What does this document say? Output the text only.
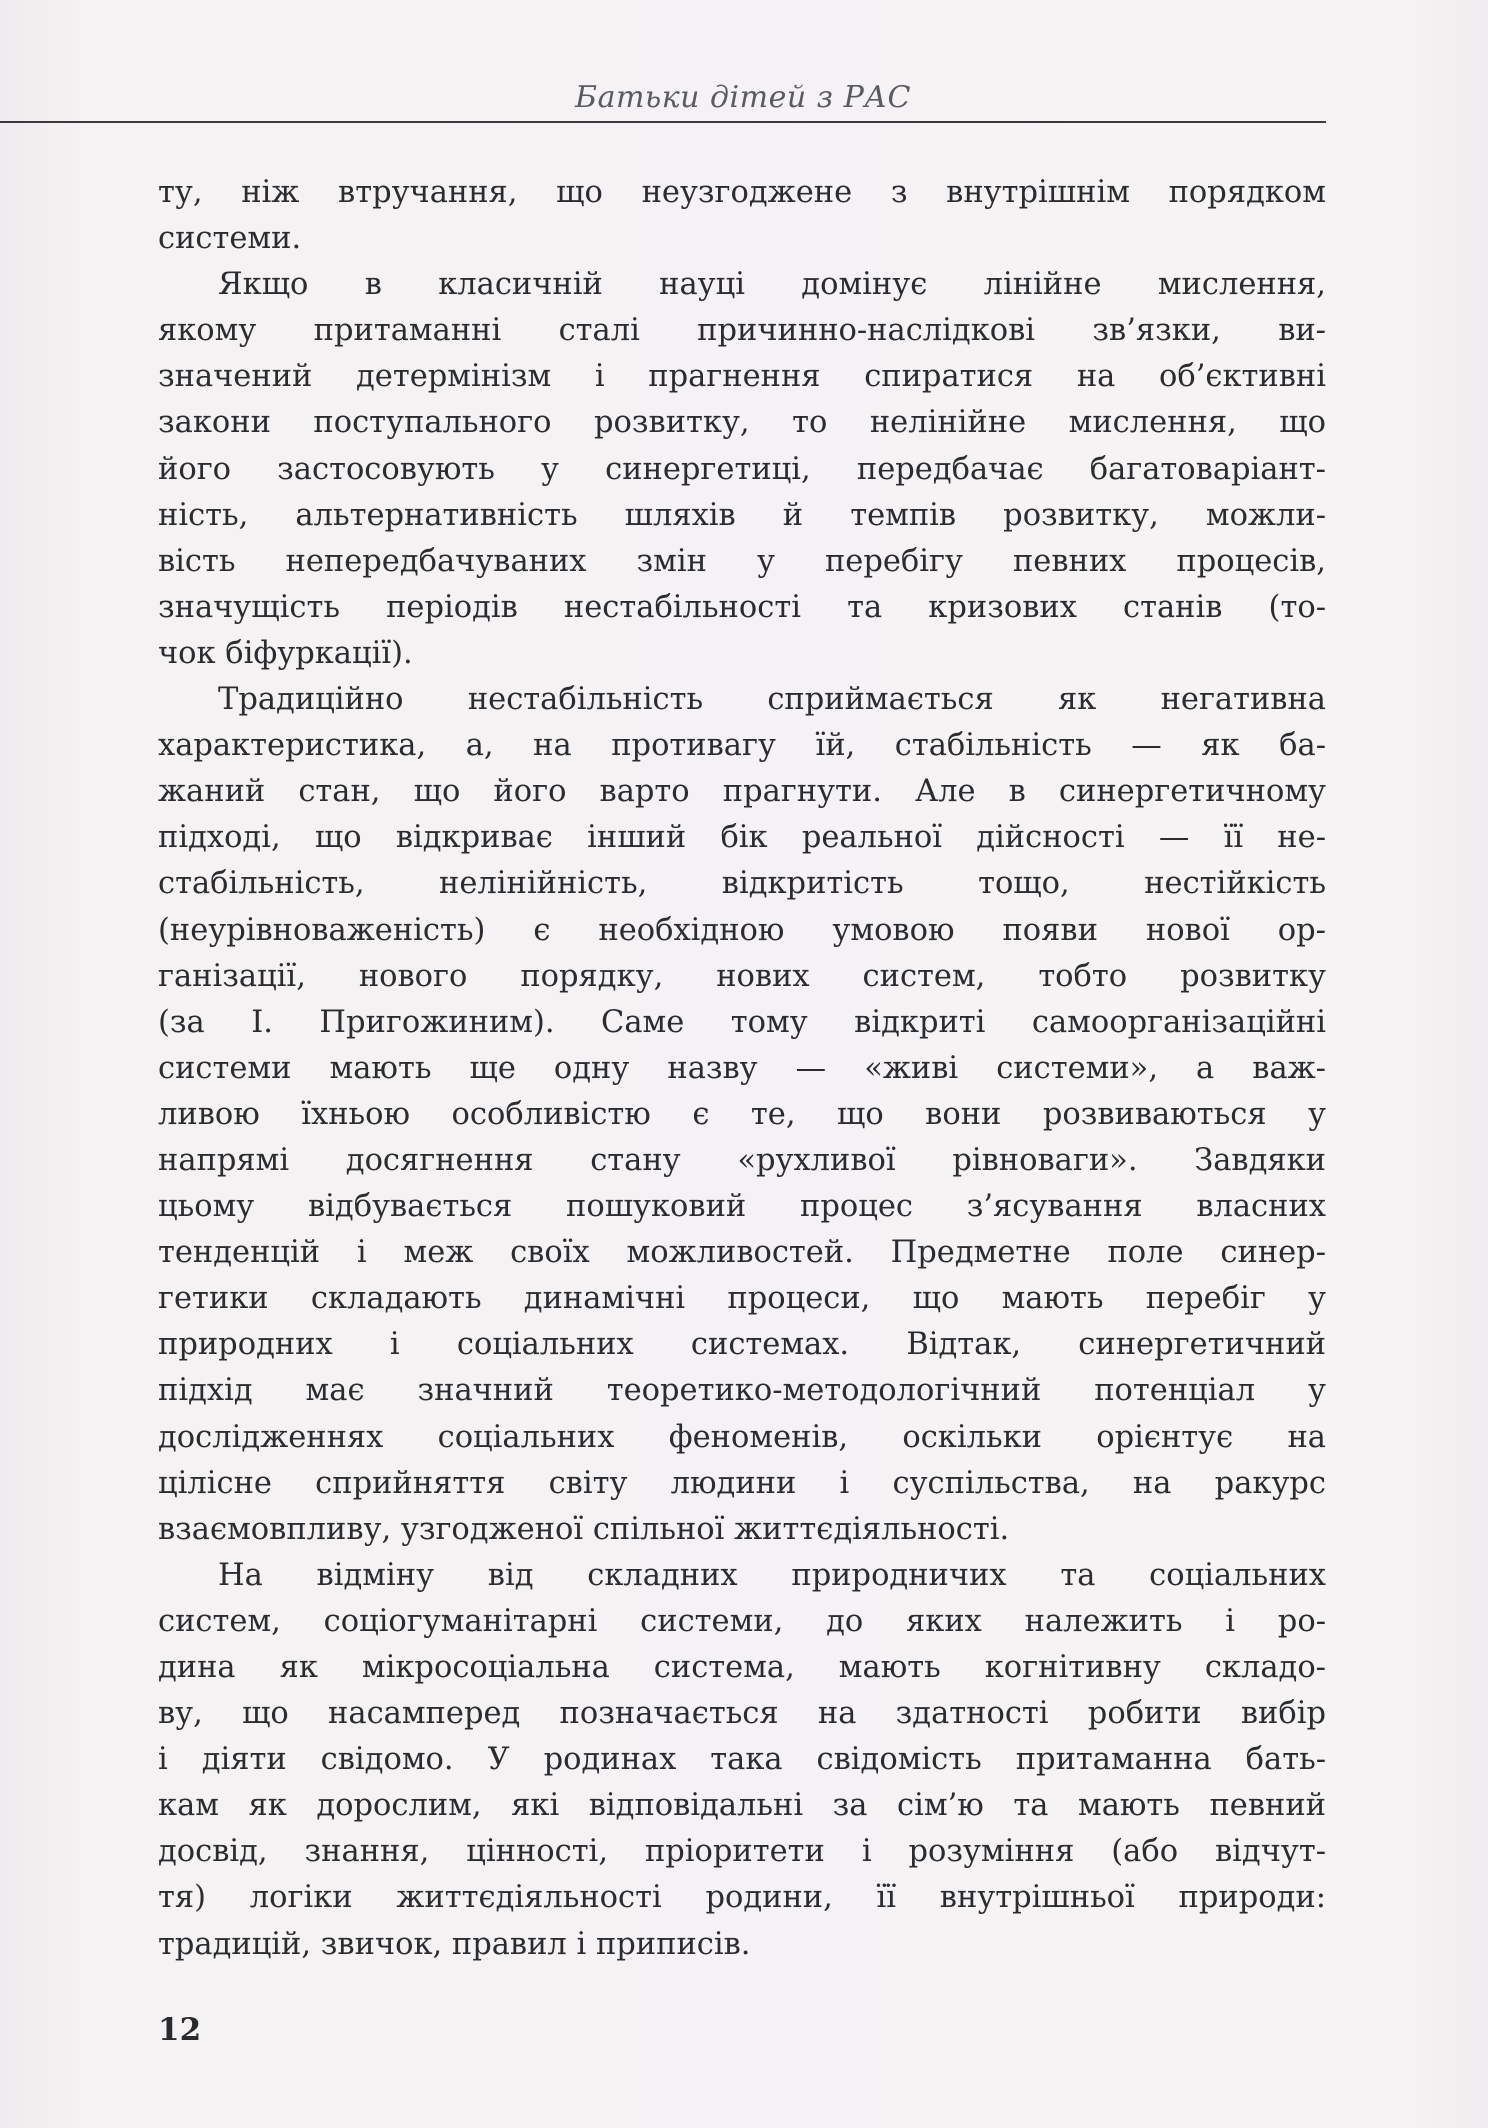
Батьки дітей з РАС
ту, ніж втручання, що неузгоджене з внутрішнім порядком
системи.
Якщо в класичній науці домінує лінійне мислення,
якому притаманні сталі причинно-наслідкові зв’язки, ви-
значений детермінізм і прагнення спиратися на об’єктивні
закони поступального розвитку, то нелінійне мислення, що
його застосовують у синергетиці, передбачає багатоваріант-
ність, альтернативність шляхів й темпів розвитку, можли-
вість непередбачуваних змін у перебігу певних процесів,
значущість періодів нестабільності та кризових станів (то-
чок біфуркації).
Традиційно нестабільність сприймається як негативна
характеристика, а, на противагу їй, стабільність — як ба-
жаний стан, що його варто прагнути. Але в синергетичному
підході, що відкриває інший бік реальної дійсності — її не-
стабільність, нелінійність, відкритість тощо, нестійкість
(неурівноваженість) є необхідною умовою появи нової ор-
ганізації, нового порядку, нових систем, тобто розвитку
(за І. Пригожиним). Саме тому відкриті самоорганізаційні
системи мають ще одну назву — «живі системи», а важ-
ливою їхньою особливістю є те, що вони розвиваються у
напрямі досягнення стану «рухливої рівноваги». Завдяки
цьому відбувається пошуковий процес з’ясування власних
тенденцій і меж своїх можливостей. Предметне поле синер-
гетики складають динамічні процеси, що мають перебіг у
природних і соціальних системах. Відтак, синергетичний
підхід має значний теоретико-методологічний потенціал у
дослідженнях соціальних феноменів, оскільки орієнтує на
цілісне сприйняття світу людини і суспільства, на ракурс
взаємовпливу, узгодженої спільної життєдіяльності.
На відміну від складних природничих та соціальних
систем, соціогуманітарні системи, до яких належить і ро-
дина як мікросоціальна система, мають когнітивну складо-
ву, що насамперед позначається на здатності робити вибір
і діяти свідомо. У родинах така свідомість притаманна бать-
кам як дорослим, які відповідальні за сім’ю та мають певний
досвід, знання, цінності, пріоритети і розуміння (або відчут-
тя) логіки життєдіяльності родини, її внутрішньої природи:
традицій, звичок, правил і приписів.
12
